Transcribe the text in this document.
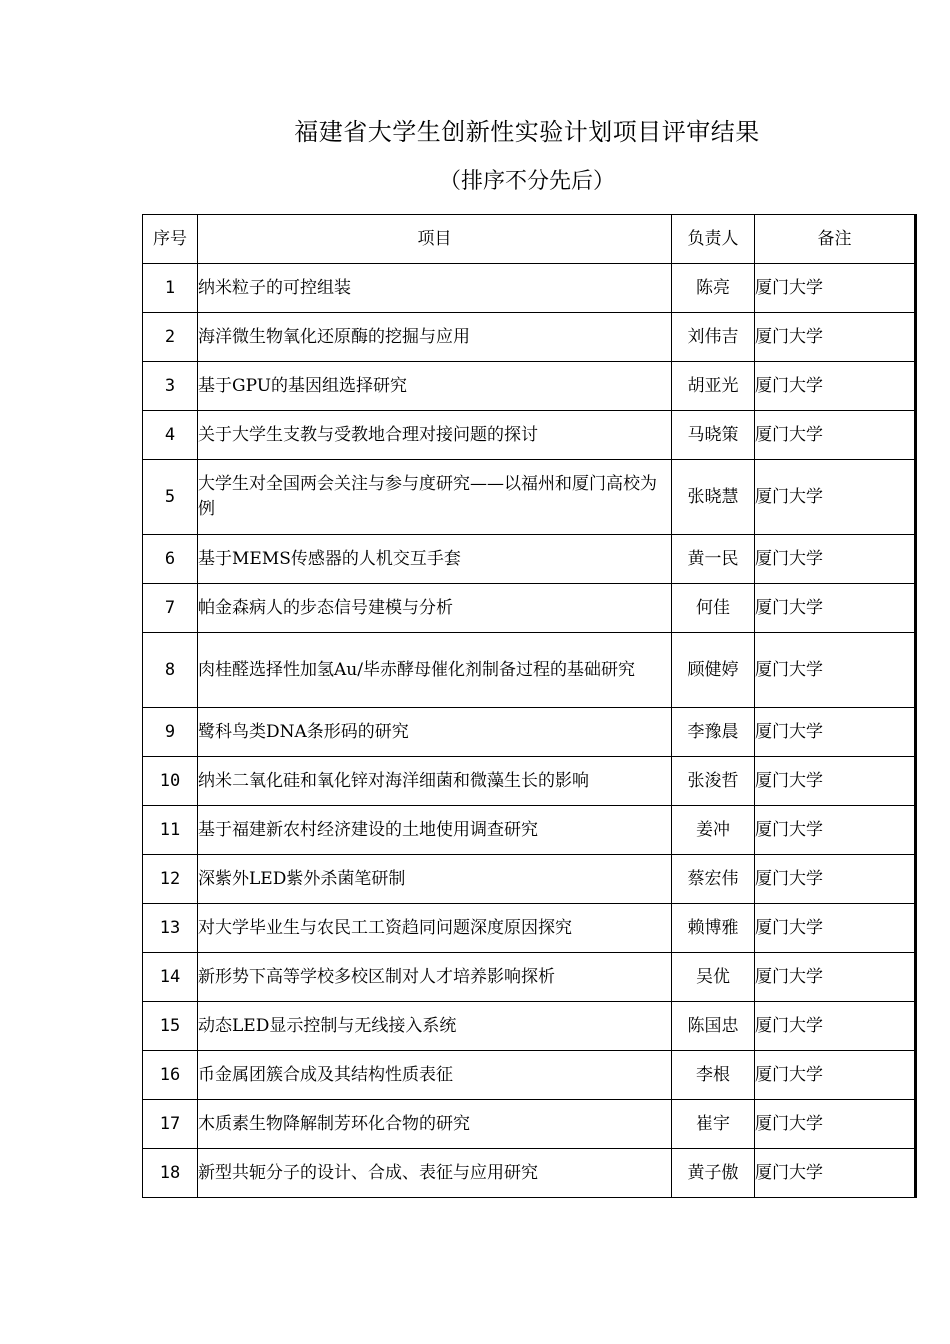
福建省大学生创新性实验计划项目评审结果
（排序不分先后）
序号	项目	负责人	备注
1	纳米粒子的可控组装	陈亮	厦门大学
2	海洋微生物氧化还原酶的挖掘与应用	刘伟吉	厦门大学
3	基于GPU的基因组选择研究	胡亚光	厦门大学
4	关于大学生支教与受教地合理对接问题的探讨	马晓策	厦门大学
5	大学生对全国两会关注与参与度研究——以福州和厦门高校为例	张晓慧	厦门大学
6	基于MEMS传感器的人机交互手套	黄一民	厦门大学
7	帕金森病人的步态信号建模与分析	何佳	厦门大学
8	肉桂醛选择性加氢Au/毕赤酵母催化剂制备过程的基础研究	顾健婷	厦门大学
9	鹭科鸟类DNA条形码的研究	李豫晨	厦门大学
10	纳米二氧化硅和氧化锌对海洋细菌和微藻生长的影响	张浚哲	厦门大学
11	基于福建新农村经济建设的土地使用调查研究	姜冲	厦门大学
12	深紫外LED紫外杀菌笔研制	蔡宏伟	厦门大学
13	对大学毕业生与农民工工资趋同问题深度原因探究	赖博雅	厦门大学
14	新形势下高等学校多校区制对人才培养影响探析	吴优	厦门大学
15	动态LED显示控制与无线接入系统	陈国忠	厦门大学
16	币金属团簇合成及其结构性质表征	李根	厦门大学
17	木质素生物降解制芳环化合物的研究	崔宇	厦门大学
18	新型共轭分子的设计、合成、表征与应用研究	黄子傲	厦门大学
